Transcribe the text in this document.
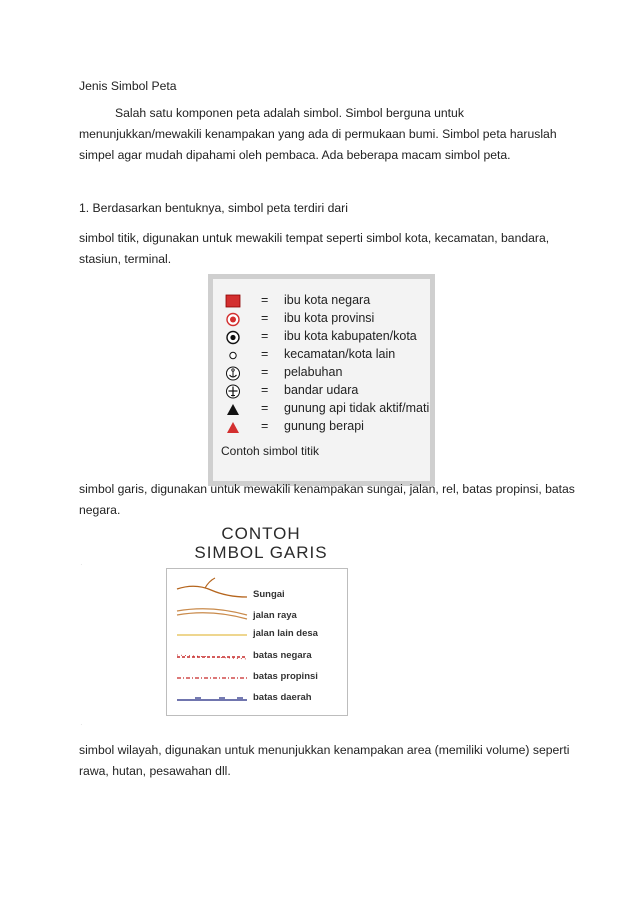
Jenis Simbol Peta
Salah satu komponen peta adalah simbol. Simbol berguna untuk
menunjukkan/mewakili kenampakan yang ada di permukaan bumi. Simbol peta haruslah
simpel agar mudah dipahami oleh pembaca. Ada beberapa macam simbol peta.
1. Berdasarkan bentuknya, simbol peta terdiri dari
simbol titik, digunakan untuk mewakili tempat seperti simbol kota, kecamatan, bandara,
stasiun, terminal.
= ibu kota negara
= ibu kota provinsi
= ibu kota kabupaten/kota
= kecamatan/kota lain
= pelabuhan
= bandar udara
= gunung api tidak aktif/mati
= gunung berapi
Contoh simbol titik
simbol garis, digunakan untuk mewakili kenampakan sungai, jalan, rel, batas propinsi, batas
negara.
CONTOH
SIMBOL GARIS
·
·
Sungai
jalan raya
jalan lain desa
batas negara
batas propinsi
batas daerah
simbol wilayah, digunakan untuk menunjukkan kenampakan area (memiliki volume) seperti
rawa, hutan, pesawahan dll.
